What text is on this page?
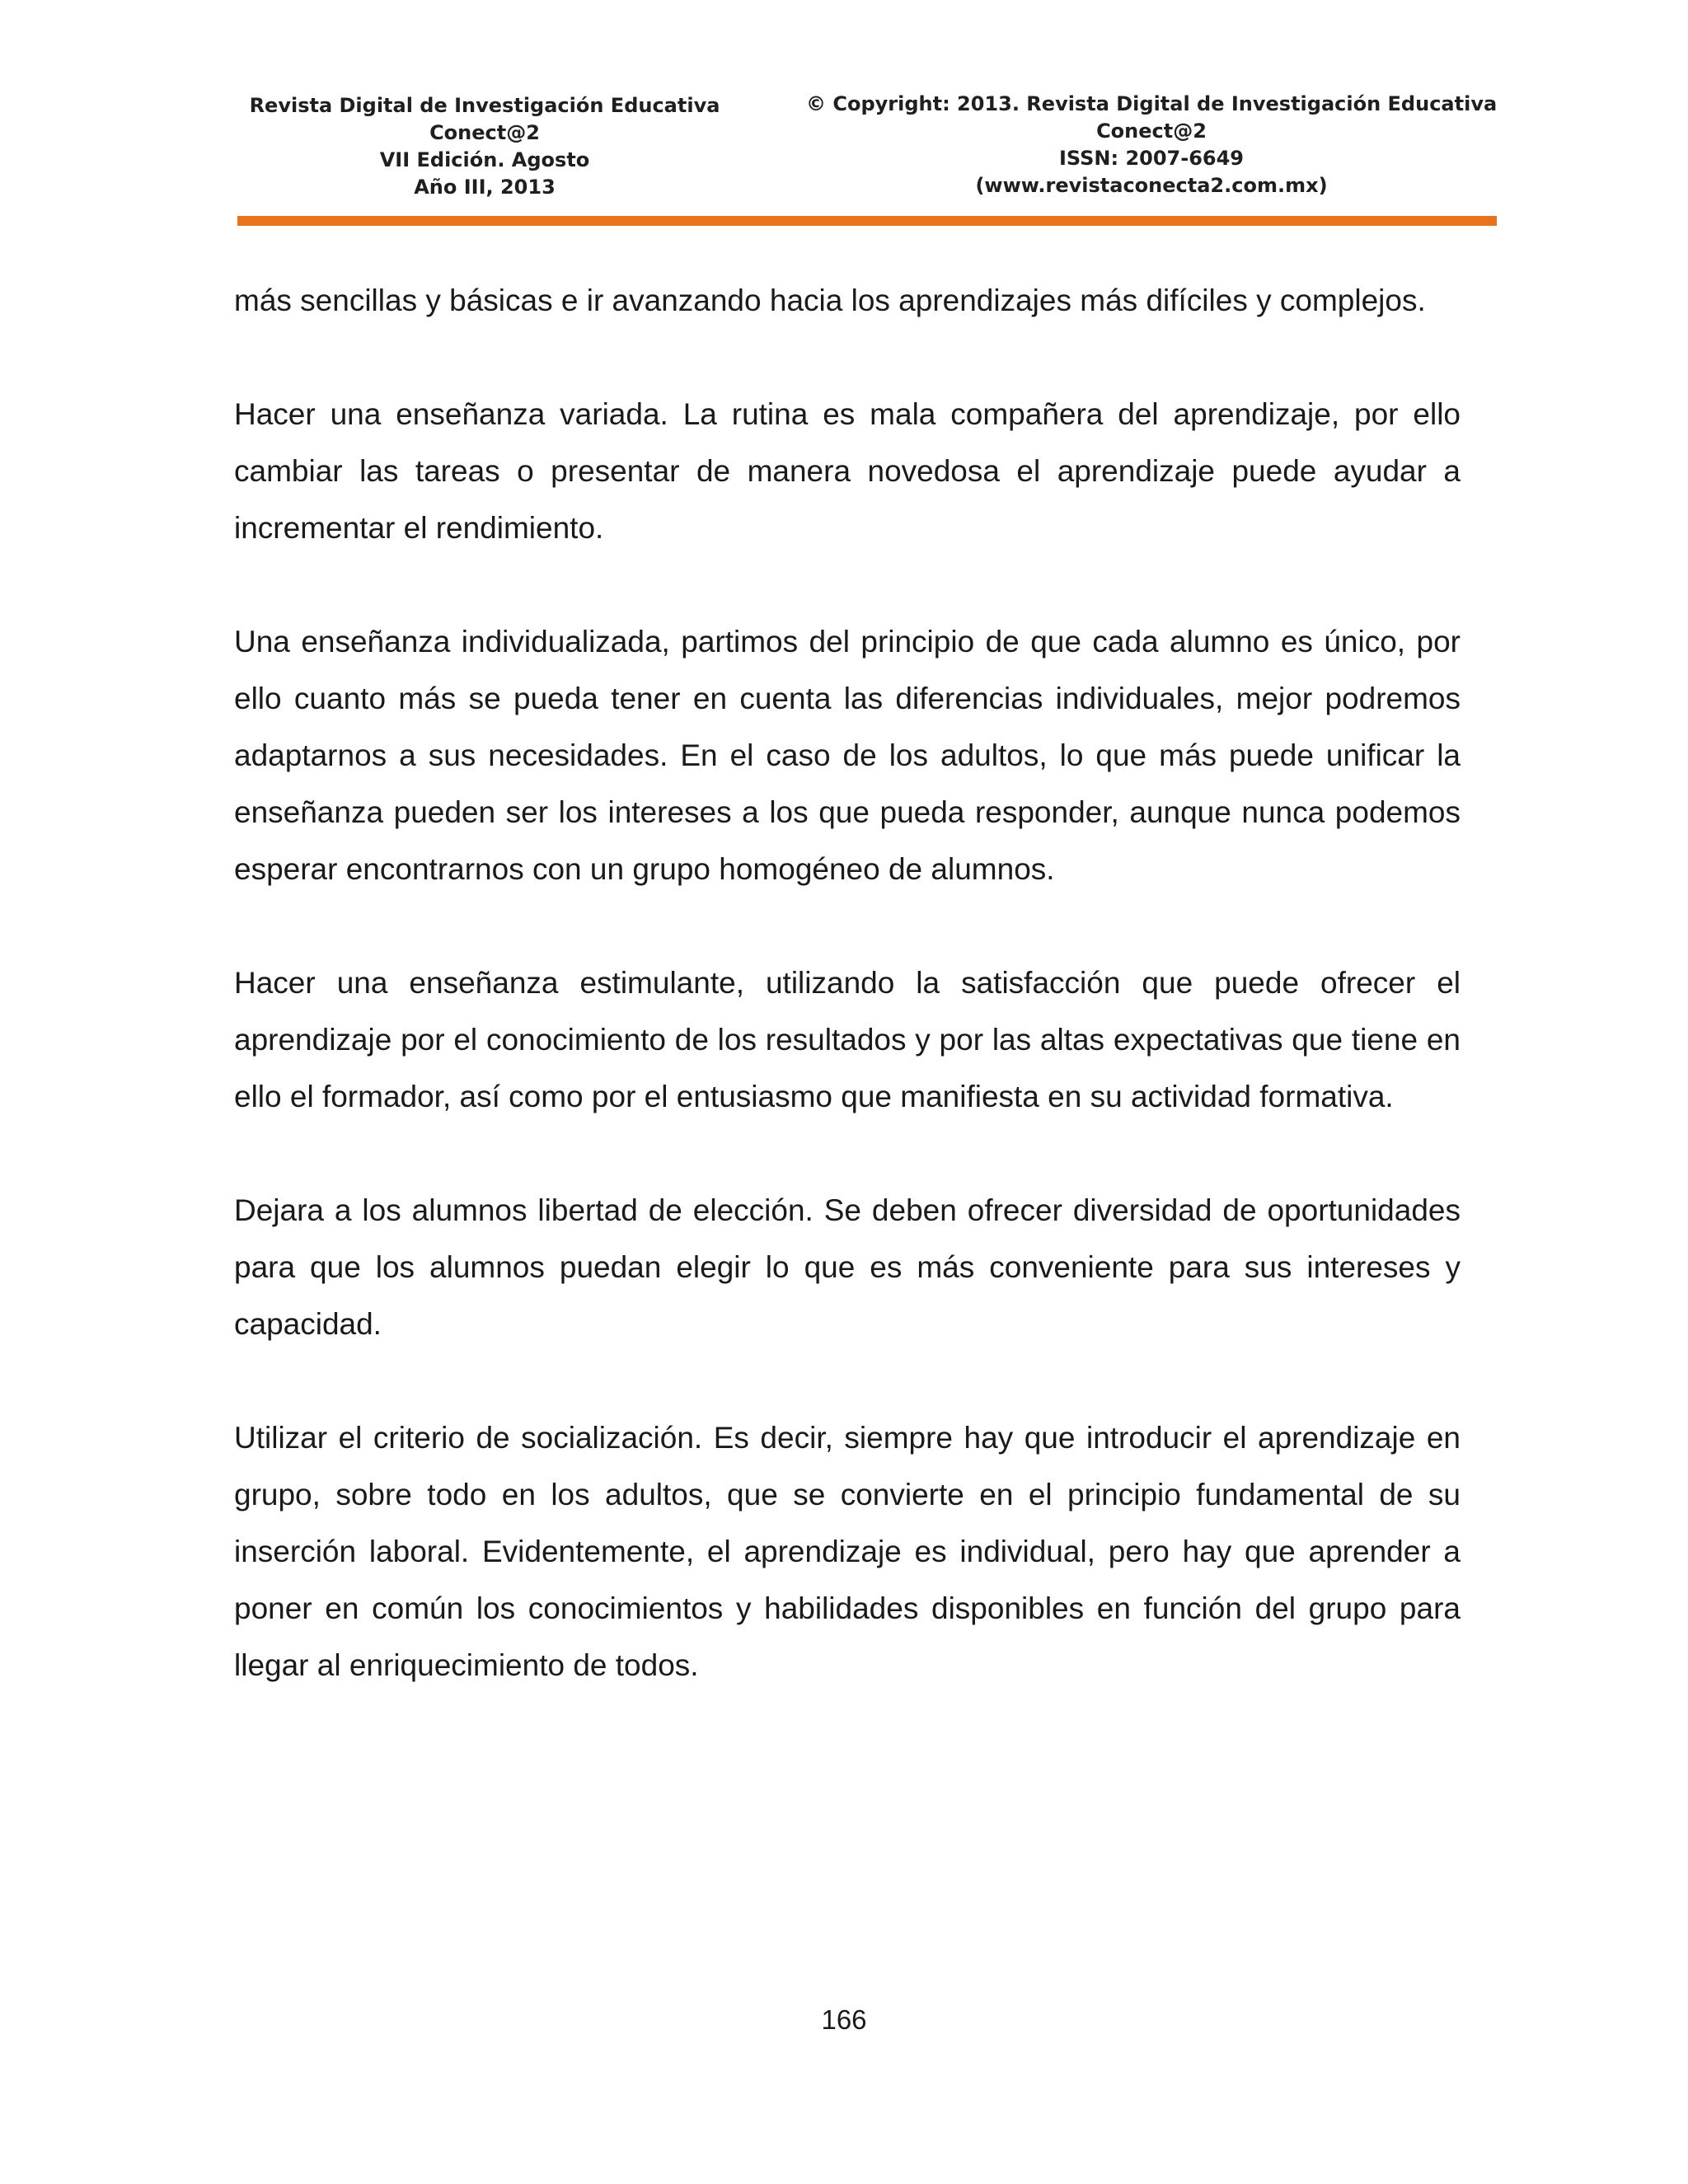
Revista Digital de Investigación Educativa
Conect@2
VII Edición. Agosto
Año III, 2013
© Copyright: 2013. Revista Digital de Investigación Educativa
Conect@2
ISSN: 2007-6649
(www.revistaconecta2.com.mx)

más sencillas y básicas e ir avanzando hacia los aprendizajes más difíciles y complejos.

Hacer una enseñanza variada. La rutina es mala compañera del aprendizaje, por ello cambiar las tareas o presentar de manera novedosa el aprendizaje puede ayudar a incrementar el rendimiento.

Una enseñanza individualizada, partimos del principio de que cada alumno es único, por ello cuanto más se pueda tener en cuenta las diferencias individuales, mejor podremos adaptarnos a sus necesidades. En el caso de los adultos, lo que más puede unificar la enseñanza pueden ser los intereses a los que pueda responder, aunque nunca podemos esperar encontrarnos con un grupo homogéneo de alumnos.

Hacer una enseñanza estimulante, utilizando la satisfacción que puede ofrecer el aprendizaje por el conocimiento de los resultados y por las altas expectativas que tiene en ello el formador, así como por el entusiasmo que manifiesta en su actividad formativa.

Dejara a los alumnos libertad de elección. Se deben ofrecer diversidad de oportunidades para que los alumnos puedan elegir lo que es más conveniente para sus intereses y capacidad.

Utilizar el criterio de socialización. Es decir, siempre hay que introducir el aprendizaje en grupo, sobre todo en los adultos, que se convierte en el principio fundamental de su inserción laboral. Evidentemente, el aprendizaje es individual, pero hay que aprender a poner en común los conocimientos y habilidades disponibles en función del grupo para llegar al enriquecimiento de todos.

166
